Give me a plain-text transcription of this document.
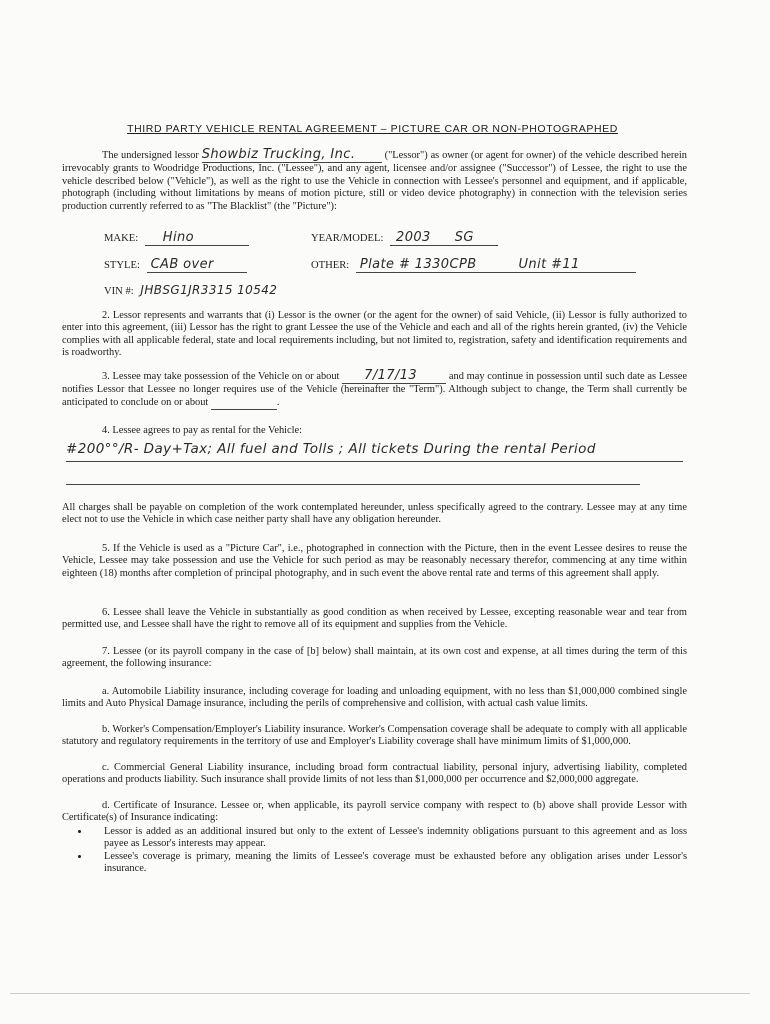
THIRD PARTY VEHICLE RENTAL AGREEMENT – PICTURE CAR OR NON-PHOTOGRAPHED
The undersigned lessor Showbiz Trucking, Inc.	("Lessor") as owner (or agent for owner) of the vehicle described herein irrevocably grants to Woodridge Productions, Inc. ("Lessee"), and any agent, licensee and/or assignee ("Successor") of Lessee, the right to use the vehicle described below ("Vehicle"), as well as the right to use the Vehicle in connection with Lessee's personnel and equipment, and if applicable, photograph (including without limitations by means of motion picture, still or video device photography) in connection with the television series production currently referred to as "The Blacklist" (the "Picture"):
MAKE: Hino	YEAR/MODEL: 2003 SG
STYLE: CAB over	OTHER: Plate # 1330CPB	Unit #11
VIN #: JHBSG1JR3315 10542
2. Lessor represents and warrants that (i) Lessor is the owner (or the agent for the owner) of said Vehicle, (ii) Lessor is fully authorized to enter into this agreement, (iii) Lessor has the right to grant Lessee the use of the Vehicle and each and all of the rights herein granted, (iv) the Vehicle complies with all applicable federal, state and local requirements including, but not limited to, registration, safety and identification requirements and is roadworthy.
3. Lessee may take possession of the Vehicle on or about 7/17/13	and may continue in possession until such date as Lessee notifies Lessor that Lessee no longer requires use of the Vehicle (hereinafter the "Term"). Although subject to change, the Term shall currently be anticipated to conclude on or about	.
4. Lessee agrees to pay as rental for the Vehicle:
#200°°/R- Day+Tax; All fuel and Tolls ; All tickets During the rental Period
All charges shall be payable on completion of the work contemplated hereunder, unless specifically agreed to the contrary. Lessee may at any time elect not to use the Vehicle in which case neither party shall have any obligation hereunder.
5. If the Vehicle is used as a "Picture Car", i.e., photographed in connection with the Picture, then in the event Lessee desires to reuse the Vehicle, Lessee may take possession and use the Vehicle for such period as may be reasonably necessary therefor, commencing at any time within eighteen (18) months after completion of principal photography, and in such event the above rental rate and terms of this agreement shall apply.
6. Lessee shall leave the Vehicle in substantially as good condition as when received by Lessee, excepting reasonable wear and tear from permitted use, and Lessee shall have the right to remove all of its equipment and supplies from the Vehicle.
7. Lessee (or its payroll company in the case of [b] below) shall maintain, at its own cost and expense, at all times during the term of this agreement, the following insurance:
a. Automobile Liability insurance, including coverage for loading and unloading equipment, with no less than $1,000,000 combined single limits and Auto Physical Damage insurance, including the perils of comprehensive and collision, with actual cash value limits.
b. Worker's Compensation/Employer's Liability insurance. Worker's Compensation coverage shall be adequate to comply with all applicable statutory and regulatory requirements in the territory of use and Employer's Liability coverage shall have minimum limits of $1,000,000.
c. Commercial General Liability insurance, including broad form contractual liability, personal injury, advertising liability, completed operations and products liability. Such insurance shall provide limits of not less than $1,000,000 per occurrence and $2,000,000 aggregate.
d. Certificate of Insurance. Lessee or, when applicable, its payroll service company with respect to (b) above shall provide Lessor with Certificate(s) of Insurance indicating:
• Lessor is added as an additional insured but only to the extent of Lessee's indemnity obligations pursuant to this agreement and as loss payee as Lessor's interests may appear.
• Lessee's coverage is primary, meaning the limits of Lessee's coverage must be exhausted before any obligation arises under Lessor's insurance.
